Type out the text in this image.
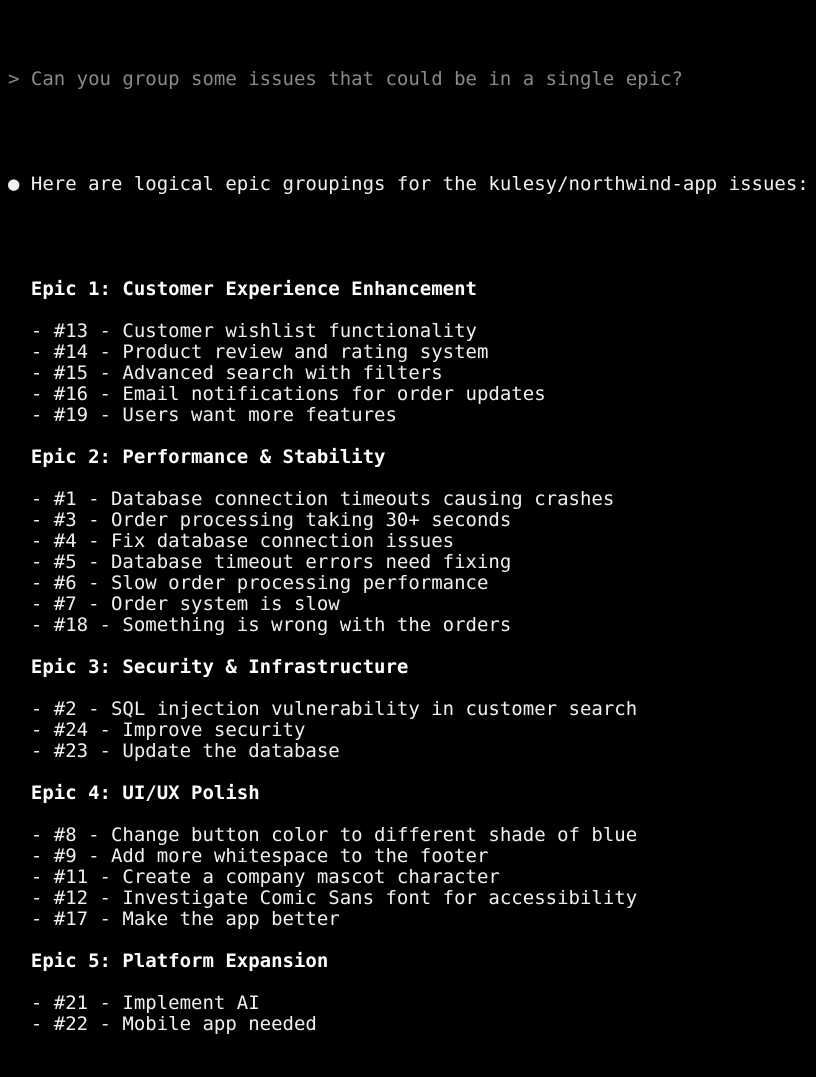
> Can you group some issues that could be in a single epic?

● Here are logical epic groupings for the kulesy/northwind-app issues:

Epic 1: Customer Experience Enhancement
- #13 - Customer wishlist functionality
- #14 - Product review and rating system
- #15 - Advanced search with filters
- #16 - Email notifications for order updates
- #19 - Users want more features
Epic 2: Performance & Stability
- #1 - Database connection timeouts causing crashes
- #3 - Order processing taking 30+ seconds
- #4 - Fix database connection issues
- #5 - Database timeout errors need fixing
- #6 - Slow order processing performance
- #7 - Order system is slow
- #18 - Something is wrong with the orders
Epic 3: Security & Infrastructure
- #2 - SQL injection vulnerability in customer search
- #24 - Improve security
- #23 - Update the database
Epic 4: UI/UX Polish
- #8 - Change button color to different shade of blue
- #9 - Add more whitespace to the footer
- #11 - Create a company mascot character
- #12 - Investigate Comic Sans font for accessibility
- #17 - Make the app better
Epic 5: Platform Expansion
- #21 - Implement AI
- #22 - Mobile app needed
